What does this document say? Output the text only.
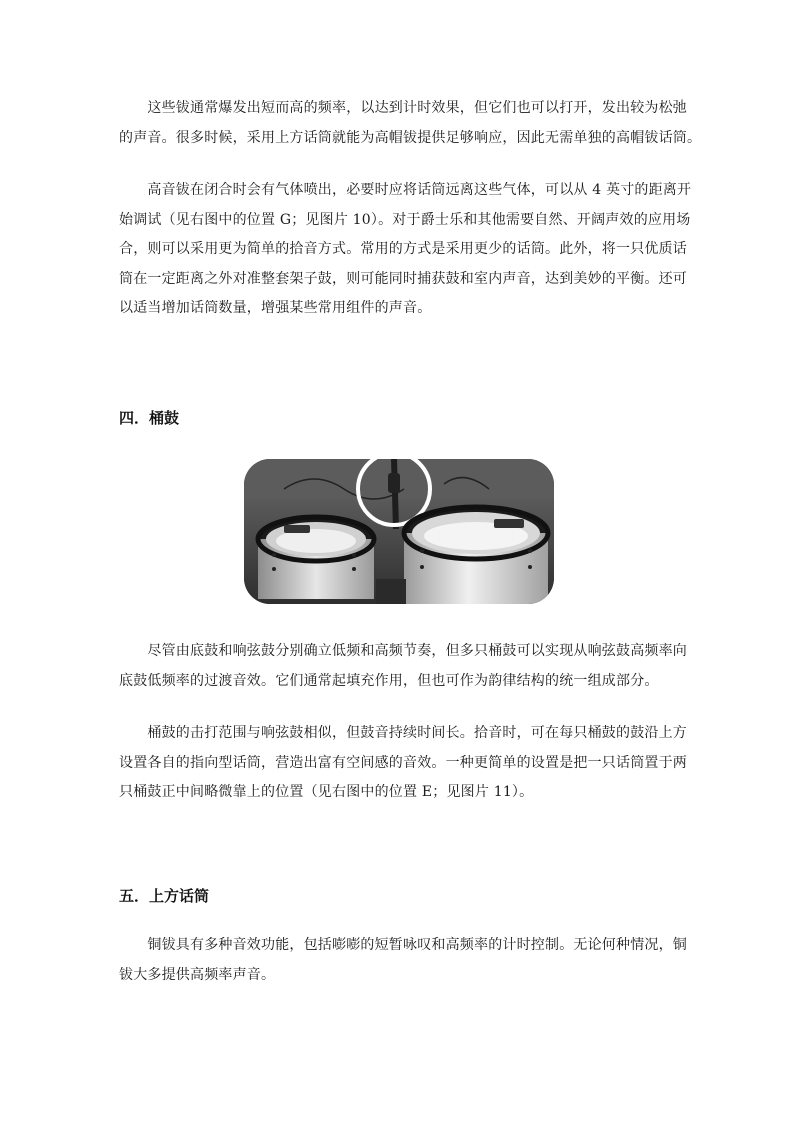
　　这些钹通常爆发出短而高的频率，以达到计时效果，但它们也可以打开，发出较为松弛
的声音。很多时候，采用上方话筒就能为高帽钹提供足够响应，因此无需单独的高帽钹话筒。

　　高音钹在闭合时会有气体喷出，必要时应将话筒远离这些气体，可以从 4 英寸的距离开
始调试（见右图中的位置 G；见图片 10）。对于爵士乐和其他需要自然、开阔声效的应用场
合，则可以采用更为简单的拾音方式。常用的方式是采用更少的话筒。此外，将一只优质话
筒在一定距离之外对准整套架子鼓，则可能同时捕获鼓和室内声音，达到美妙的平衡。还可
以适当增加话筒数量，增强某些常用组件的声音。

四．桶鼓

　　尽管由底鼓和响弦鼓分别确立低频和高频节奏，但多只桶鼓可以实现从响弦鼓高频率向
底鼓低频率的过渡音效。它们通常起填充作用，但也可作为韵律结构的统一组成部分。

　　桶鼓的击打范围与响弦鼓相似，但鼓音持续时间长。拾音时，可在每只桶鼓的鼓沿上方
设置各自的指向型话筒，营造出富有空间感的音效。一种更简单的设置是把一只话筒置于两
只桶鼓正中间略微靠上的位置（见右图中的位置 E；见图片 11）。

五．上方话筒

　　铜钹具有多种音效功能，包括嘭嘭的短暂咏叹和高频率的计时控制。无论何种情况，铜
钹大多提供高频率声音。
